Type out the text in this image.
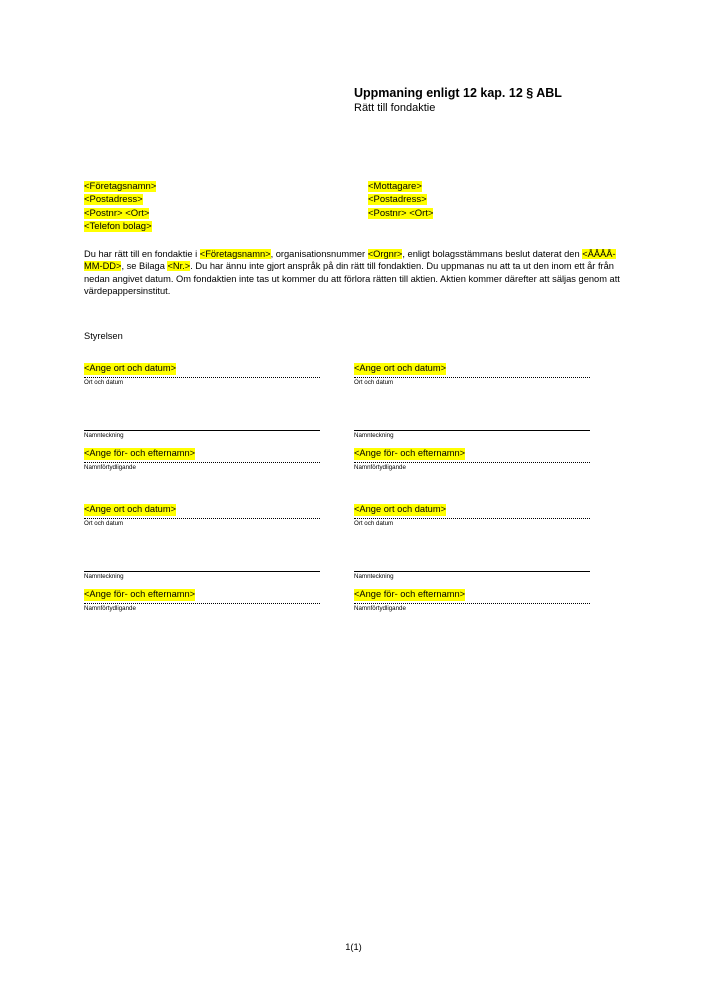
Uppmaning enligt 12 kap. 12 § ABL
Rätt till fondaktie
<Företagsnamn>
<Postadress>
<Postnr> <Ort>
<Telefon bolag>
<Mottagare>
<Postadress>
<Postnr> <Ort>
Du har rätt till en fondaktie i <Företagsnamn>, organisationsnummer <Orgnr>, enligt bolagsstämmans beslut daterat den <ÅÅÅÅ-MM-DD>, se Bilaga <Nr.>. Du har ännu inte gjort anspråk på din rätt till fondaktien. Du uppmanas nu att ta ut den inom ett år från nedan angivet datum. Om fondaktien inte tas ut kommer du att förlora rätten till aktien. Aktien kommer därefter att säljas genom att värdepappersinstitut.
Styrelsen
<Ange ort och datum>
Ort och datum
Namnteckning
<Ange för- och efternamn>
Namnförtydligande
<Ange ort och datum>
Ort och datum
Namnteckning
<Ange för- och efternamn>
Namnförtydligande
<Ange ort och datum>
Ort och datum
Namnteckning
<Ange för- och efternamn>
Namnförtydligande
<Ange ort och datum>
Ort och datum
Namnteckning
<Ange för- och efternamn>
Namnförtydligande
1(1)
